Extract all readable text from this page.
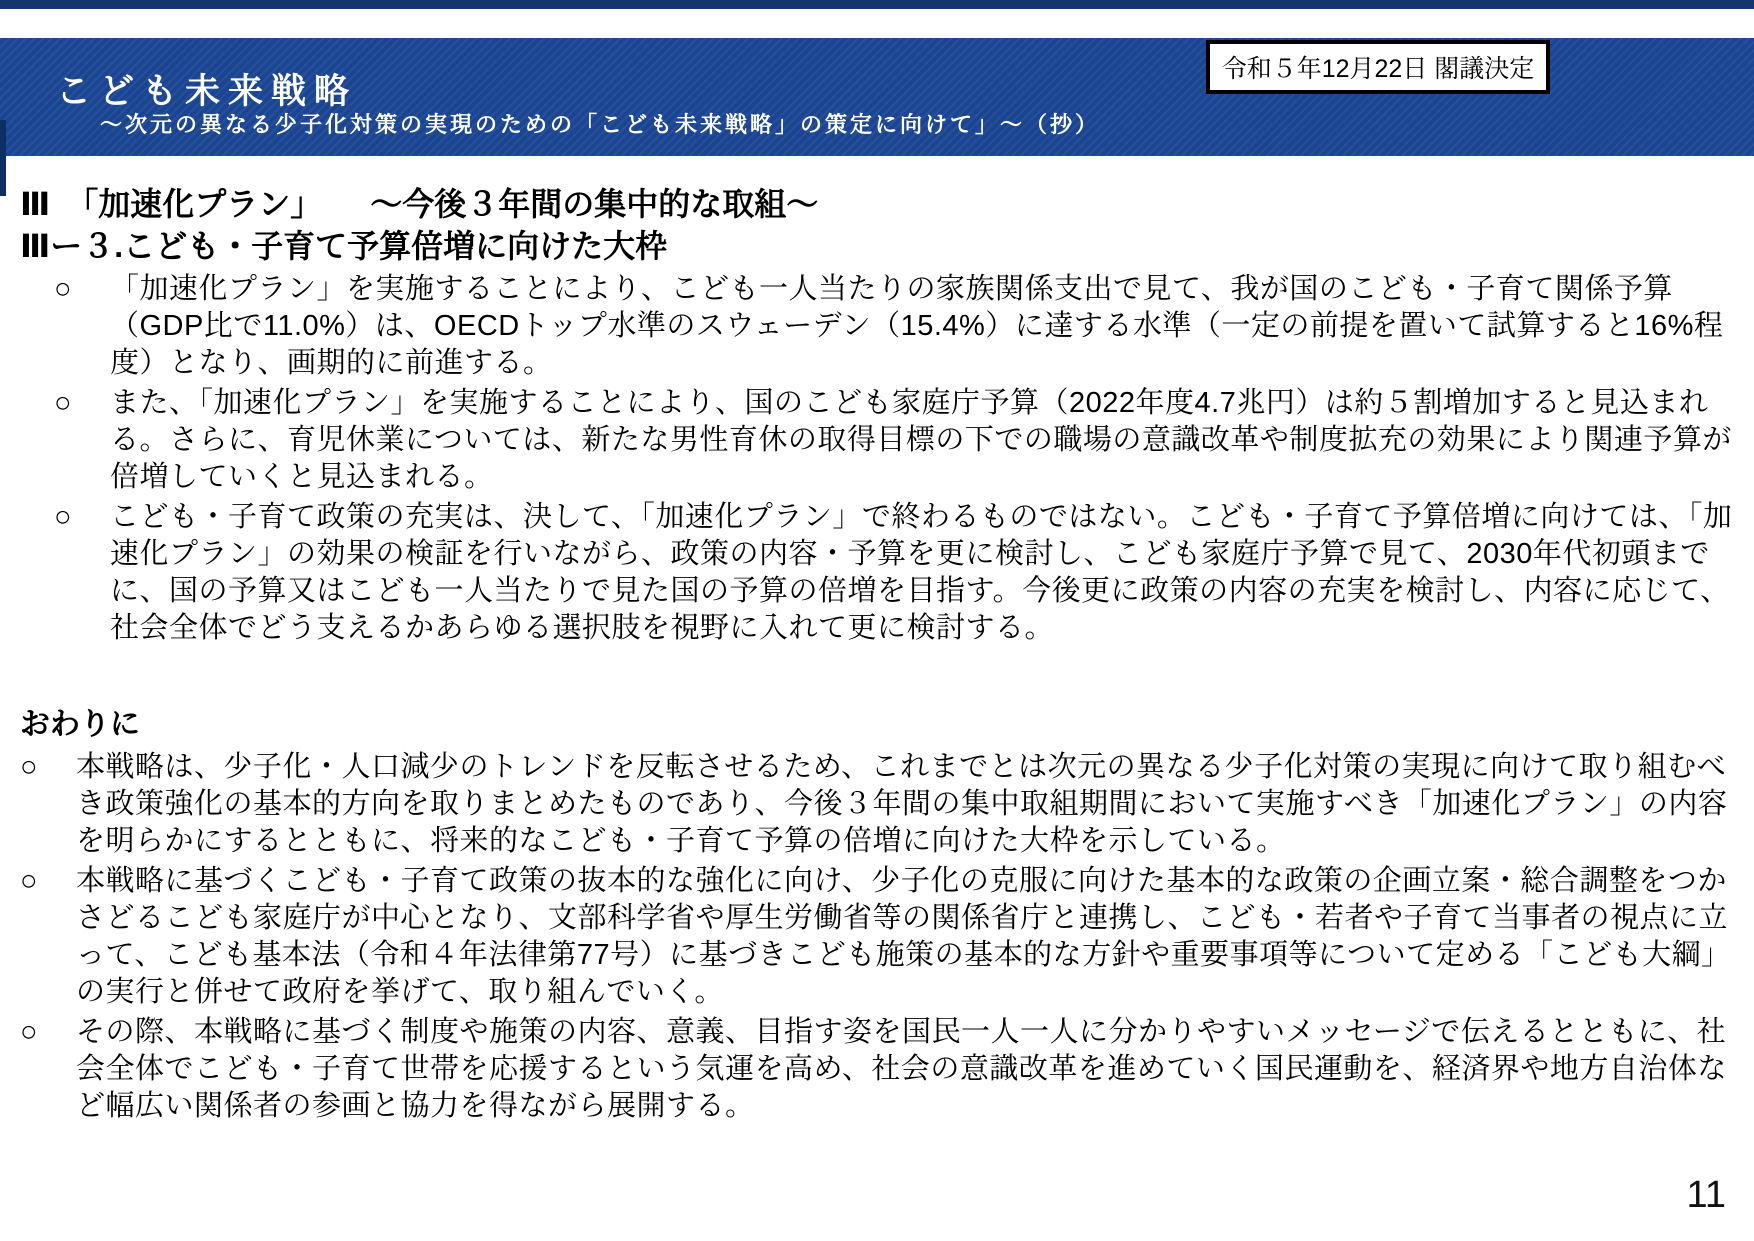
こども未来戦略
〜次元の異なる少子化対策の実現のための「こども未来戦略」の策定に向けて」〜（抄）
令和５年12月22日 閣議決定
Ⅲ　「加速化プラン」　　〜今後３年間の集中的な取組〜
Ⅲー３.こども・子育て予算倍増に向けた大枠
○	「加速化プラン」を実施することにより、こども一人当たりの家族関係支出で見て、我が国のこども・子育て関係予算（GDP比で11.0%）は、OECDトップ水準のスウェーデン（15.4%）に達する水準（一定の前提を置いて試算すると16%程度）となり、画期的に前進する。
○	また、「加速化プラン」を実施することにより、国のこども家庭庁予算（2022年度4.7兆円）は約５割増加すると見込まれる。さらに、育児休業については、新たな男性育休の取得目標の下での職場の意識改革や制度拡充の効果により関連予算が倍増していくと見込まれる。
○	こども・子育て政策の充実は、決して、「加速化プラン」で終わるものではない。こども・子育て予算倍増に向けては、「加速化プラン」の効果の検証を行いながら、政策の内容・予算を更に検討し、こども家庭庁予算で見て、2030年代初頭までに、国の予算又はこども一人当たりで見た国の予算の倍増を目指す。今後更に政策の内容の充実を検討し、内容に応じて、社会全体でどう支えるかあらゆる選択肢を視野に入れて更に検討する。
おわりに
○	本戦略は、少子化・人口減少のトレンドを反転させるため、これまでとは次元の異なる少子化対策の実現に向けて取り組むべき政策強化の基本的方向を取りまとめたものであり、今後３年間の集中取組期間において実施すべき「加速化プラン」の内容を明らかにするとともに、将来的なこども・子育て予算の倍増に向けた大枠を示している。
○	本戦略に基づくこども・子育て政策の抜本的な強化に向け、少子化の克服に向けた基本的な政策の企画立案・総合調整をつかさどるこども家庭庁が中心となり、文部科学省や厚生労働省等の関係省庁と連携し、こども・若者や子育て当事者の視点に立って、こども基本法（令和４年法律第77号）に基づきこども施策の基本的な方針や重要事項等について定める「こども大綱」の実行と併せて政府を挙げて、取り組んでいく。
○	その際、本戦略に基づく制度や施策の内容、意義、目指す姿を国民一人一人に分かりやすいメッセージで伝えるとともに、社会全体でこども・子育て世帯を応援するという気運を高め、社会の意識改革を進めていく国民運動を、経済界や地方自治体など幅広い関係者の参画と協力を得ながら展開する。
11
